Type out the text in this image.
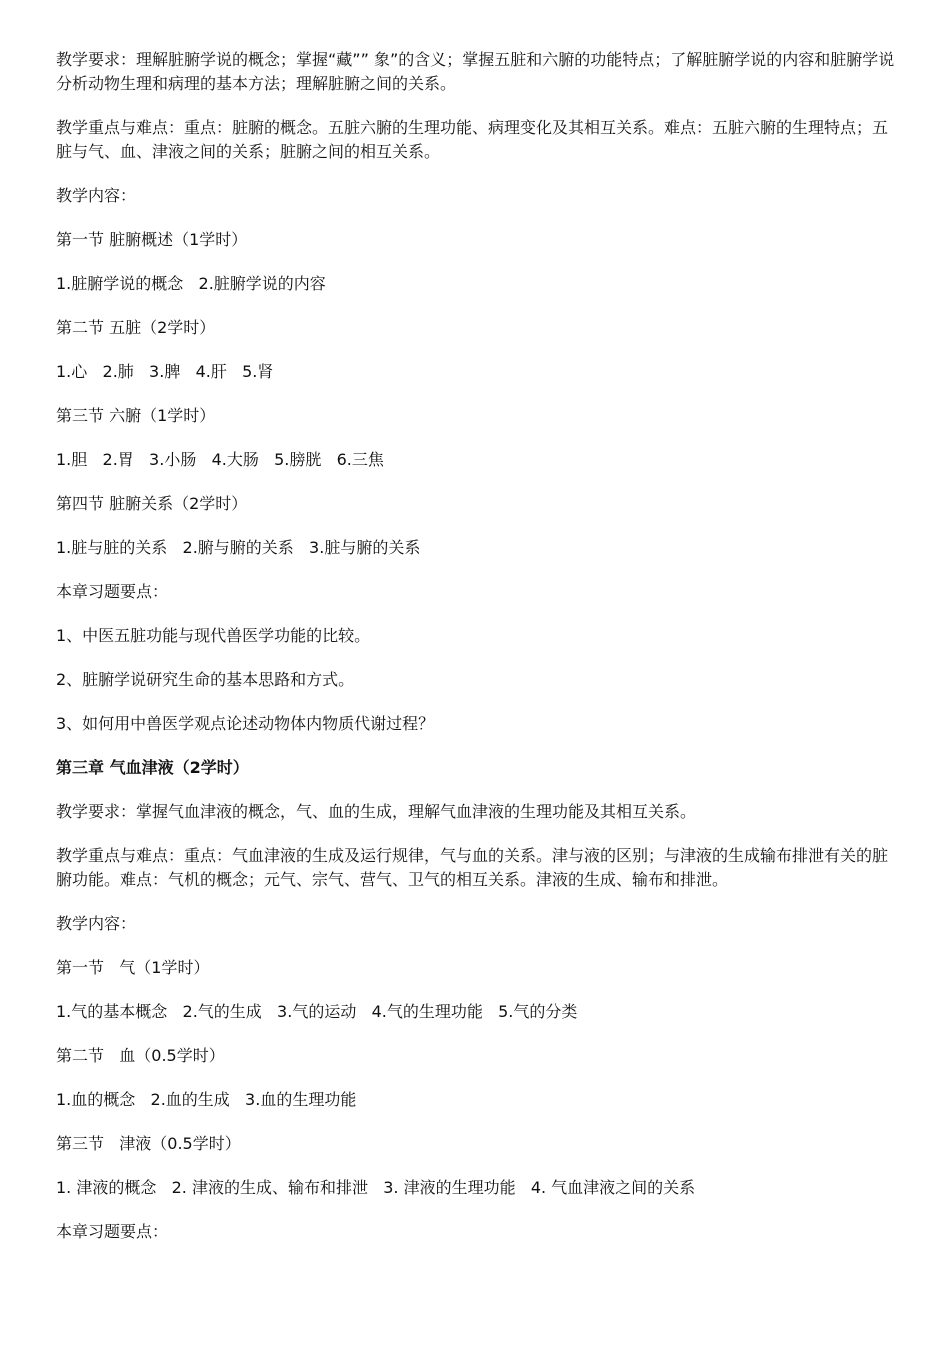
教学要求：理解脏腑学说的概念；掌握“藏”” 象”的含义；掌握五脏和六腑的功能特点；了解脏腑学说的内容和脏腑学说分析动物生理和病理的基本方法；理解脏腑之间的关系。

教学重点与难点：重点：脏腑的概念。五脏六腑的生理功能、病理变化及其相互关系。难点：五脏六腑的生理特点；五脏与气、血、津液之间的关系；脏腑之间的相互关系。

教学内容：

第一节 脏腑概述（1学时）

1.脏腑学说的概念   2.脏腑学说的内容

第二节 五脏（2学时）

1.心   2.肺   3.脾   4.肝   5.肾

第三节 六腑（1学时）

1.胆   2.胃   3.小肠   4.大肠   5.膀胱   6.三焦

第四节 脏腑关系（2学时）

1.脏与脏的关系   2.腑与腑的关系   3.脏与腑的关系

本章习题要点：

1、中医五脏功能与现代兽医学功能的比较。

2、脏腑学说研究生命的基本思路和方式。

3、如何用中兽医学观点论述动物体内物质代谢过程？

第三章 气血津液（2学时）

教学要求：掌握气血津液的概念，气、血的生成，理解气血津液的生理功能及其相互关系。

教学重点与难点：重点：气血津液的生成及运行规律，气与血的关系。津与液的区别；与津液的生成输布排泄有关的脏腑功能。难点：气机的概念；元气、宗气、营气、卫气的相互关系。津液的生成、输布和排泄。

教学内容：

第一节   气（1学时）

1.气的基本概念   2.气的生成   3.气的运动   4.气的生理功能   5.气的分类

第二节   血（0.5学时）

1.血的概念   2.血的生成   3.血的生理功能

第三节   津液（0.5学时）

1. 津液的概念   2. 津液的生成、输布和排泄   3. 津液的生理功能   4. 气血津液之间的关系

本章习题要点：
